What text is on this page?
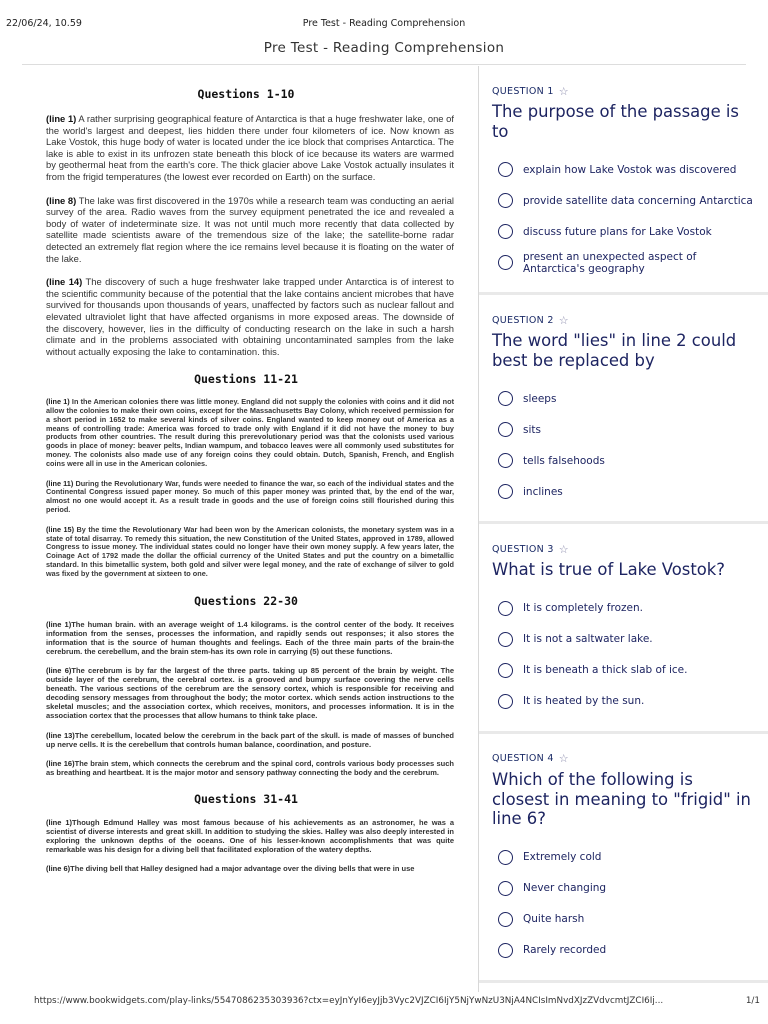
22/06/24, 10.59	Pre Test - Reading Comprehension
Pre Test - Reading Comprehension
Questions 1-10

(line 1) A rather surprising geographical feature of Antarctica is that a huge freshwater lake, one of the world's largest and deepest, lies hidden there under four kilometers of ice. Now known as Lake Vostok, this huge body of water is located under the ice block that comprises Antarctica. The lake is able to exist in its unfrozen state beneath this block of ice because its waters are warmed by geothermal heat from the earth's core. The thick glacier above Lake Vostok actually insulates it from the frigid temperatures (the lowest ever recorded on Earth) on the surface.

(line 8) The lake was first discovered in the 1970s while a research team was conducting an aerial survey of the area. Radio waves from the survey equipment penetrated the ice and revealed a body of water of indeterminate size. It was not until much more recently that data collected by satellite made scientists aware of the tremendous size of the lake; the satellite-borne radar detected an extremely flat region where the ice remains level because it is floating on the water of the lake.

(line 14) The discovery of such a huge freshwater lake trapped under Antarctica is of interest to the scientific community because of the potential that the lake contains ancient microbes that have survived for thousands upon thousands of years, unaffected by factors such as nuclear fallout and elevated ultraviolet light that have affected organisms in more exposed areas. The downside of the discovery, however, lies in the difficulty of conducting research on the lake in such a harsh climate and in the problems associated with obtaining uncontaminated samples from the lake without actually exposing the lake to contamination. this.

Questions 11-21

(line 1) In the American colonies there was little money. England did not supply the colonies with coins and it did not allow the colonies to make their own coins, except for the Massachusetts Bay Colony, which received permission for a short period in 1652 to make several kinds of silver coins. England wanted to keep money out of America as a means of controlling trade: America was forced to trade only with England if it did not have the money to buy products from other countries. The result during this prerevolutionary period was that the colonists used various goods in place of money: beaver pelts, Indian wampum, and tobacco leaves were all commonly used substitutes for money. The colonists also made use of any foreign coins they could obtain. Dutch, Spanish, French, and English coins were all in use in the American colonies.

(line 11) During the Revolutionary War, funds were needed to finance the war, so each of the individual states and the Continental Congress issued paper money. So much of this paper money was printed that, by the end of the war, almost no one would accept it. As a result trade in goods and the use of foreign coins still flourished during this period.

(line 15) By the time the Revolutionary War had been won by the American colonists, the monetary system was in a state of total disarray. To remedy this situation, the new Constitution of the United States, approved in 1789, allowed Congress to issue money. The individual states could no longer have their own money supply. A few years later, the Coinage Act of 1792 made the dollar the official currency of the United States and put the country on a bimetallic standard. In this bimetallic system, both gold and silver were legal money, and the rate of exchange of silver to gold was fixed by the government at sixteen to one.

Questions 22-30

(line 1)The human brain. with an average weight of 1.4 kilograms. is the control center of the body. It receives information from the senses, processes the information, and rapidly sends out responses; it also stores the information that is the source of human thoughts and feelings. Each of the three main parts of the brain-the cerebrum. the cerebellum, and the brain stem-has its own role in carrying (5) out these functions.

(line 6)The cerebrum is by far the largest of the three parts. taking up 85 percent of the brain by weight. The outside layer of the cerebrum, the cerebral cortex. is a grooved and bumpy surface covering the nerve cells beneath. The various sections of the cerebrum are the sensory cortex, which is responsible for receiving and decoding sensory messages from throughout the body; the motor cortex. which sends action instructions to the skeletal muscles; and the association cortex, which receives, monitors, and processes information. It is in the association cortex that the processes that allow humans to think take place.

(line 13)The cerebellum, located below the cerebrum in the back part of the skull. is made of masses of bunched up nerve cells. It is the cerebellum that controls human balance, coordination, and posture.

(line 16)The brain stem, which connects the cerebrum and the spinal cord, controls various body processes such as breathing and heartbeat. It is the major motor and sensory pathway connecting the body and the cerebrum.

Questions 31-41

(line 1)Though Edmund Halley was most famous because of his achievements as an astronomer, he was a scientist of diverse interests and great skill. In addition to studying the skies. Halley was also deeply interested in exploring the unknown depths of the oceans. One of his lesser-known accomplishments that was quite remarkable was his design for a diving bell that facilitated exploration of the watery depths.

(line 6)The diving bell that Halley designed had a major advantage over the diving bells that were in use

QUESTION 1 ☆
The purpose of the passage is to
explain how Lake Vostok was discovered
provide satellite data concerning Antarctica
discuss future plans for Lake Vostok
present an unexpected aspect of Antarctica's geography
QUESTION 2 ☆
The word "lies" in line 2 could best be replaced by
sleeps
sits
tells falsehoods
inclines
QUESTION 3 ☆
What is true of Lake Vostok?
It is completely frozen.
It is not a saltwater lake.
It is beneath a thick slab of ice.
It is heated by the sun.
QUESTION 4 ☆
Which of the following is closest in meaning to "frigid" in line 6?
Extremely cold
Never changing
Quite harsh
Rarely recorded
https://www.bookwidgets.com/play-links/5547086235303936?ctx=eyJnYyI6eyJjb3Vyc2VJZCI6IjY5NjYwNzU3NjA4NCIsImNvdXJzZVdvcmtJZCI6Ij...	1/1
